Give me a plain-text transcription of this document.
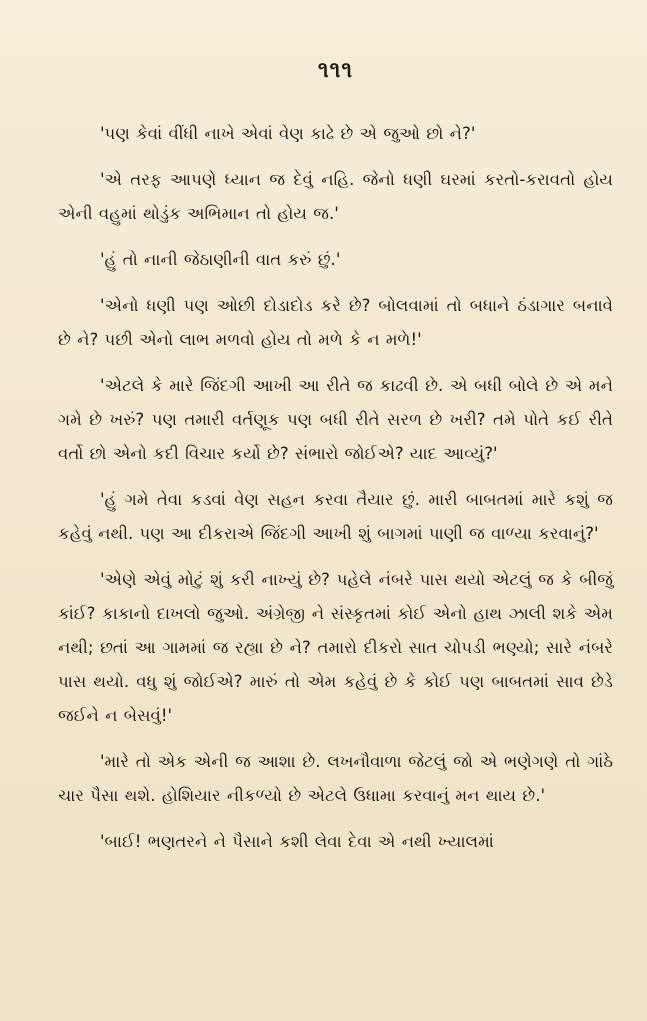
૧૧૧

'પણ કેવાં વીંધી નાખે એવાં વેણ કાઢે છે એ જુઓ છો ને?'

'એ તરફ આપણે ધ્યાન જ દેવું નહિ. જેનો ધણી ઘરમાં કરતો-કરાવતો હોય એની વહુમાં થોડુંક અભિમાન તો હોય જ.'

'હું તો નાની જેઠાણીની વાત કરું છું.'

'એનો ધણી પણ ઓછી દોડાદોડ કરે છે? બોલવામાં તો બધાને ઠંડાગાર બનાવે છે ને? પછી એનો લાભ મળવો હોય તો મળે કે ન મળે!'

'એટલે કે મારે જિંદગી આખી આ રીતે જ કાઢવી છે. એ બધી બોલે છે એ મને ગમે છે ખરું? પણ તમારી વર્તણૂક પણ બધી રીતે સરળ છે ખરી? તમે પોતે કઈ રીતે વર્તો છો એનો કદી વિચાર કર્યો છે? સંભારો જોઈએ? યાદ આવ્યું?'

'હું ગમે તેવા કડવાં વેણ સહન કરવા તૈયાર છું. મારી બાબતમાં મારે કશું જ કહેવું નથી. પણ આ દીકરાએ જિંદગી આખી શું બાગમાં પાણી જ વાળ્યા કરવાનું?'

'એણે એવું મોટું શું કરી નાખ્યું છે? પહેલે નંબરે પાસ થયો એટલું જ કે બીજું કાંઈ? કાકાનો દાખલો જુઓ. અંગ્રેજી ને સંસ્કૃતમાં કોઈ એનો હાથ ઝાલી શકે એમ નથી; છતાં આ ગામમાં જ રહ્યા છે ને? તમારો દીકરો સાત ચોપડી ભણ્યો; સારે નંબરે પાસ થયો. વધુ શું જોઈએ? મારું તો એમ કહેવું છે કે કોઈ પણ બાબતમાં સાવ છેડે જઈને ન બેસવું!'

'મારે તો એક એની જ આશા છે. લખનૌવાળા જેટલું જો એ ભણેગણે તો ગાંઠે ચાર પૈસા થશે. હોશિયાર નીકળ્યો છે એટલે ઉધામા કરવાનું મન થાય છે.'

'બાઈ! ભણતરને ને પૈસાને કશી લેવા દેવા એ નથી ખ્યાલમાં
